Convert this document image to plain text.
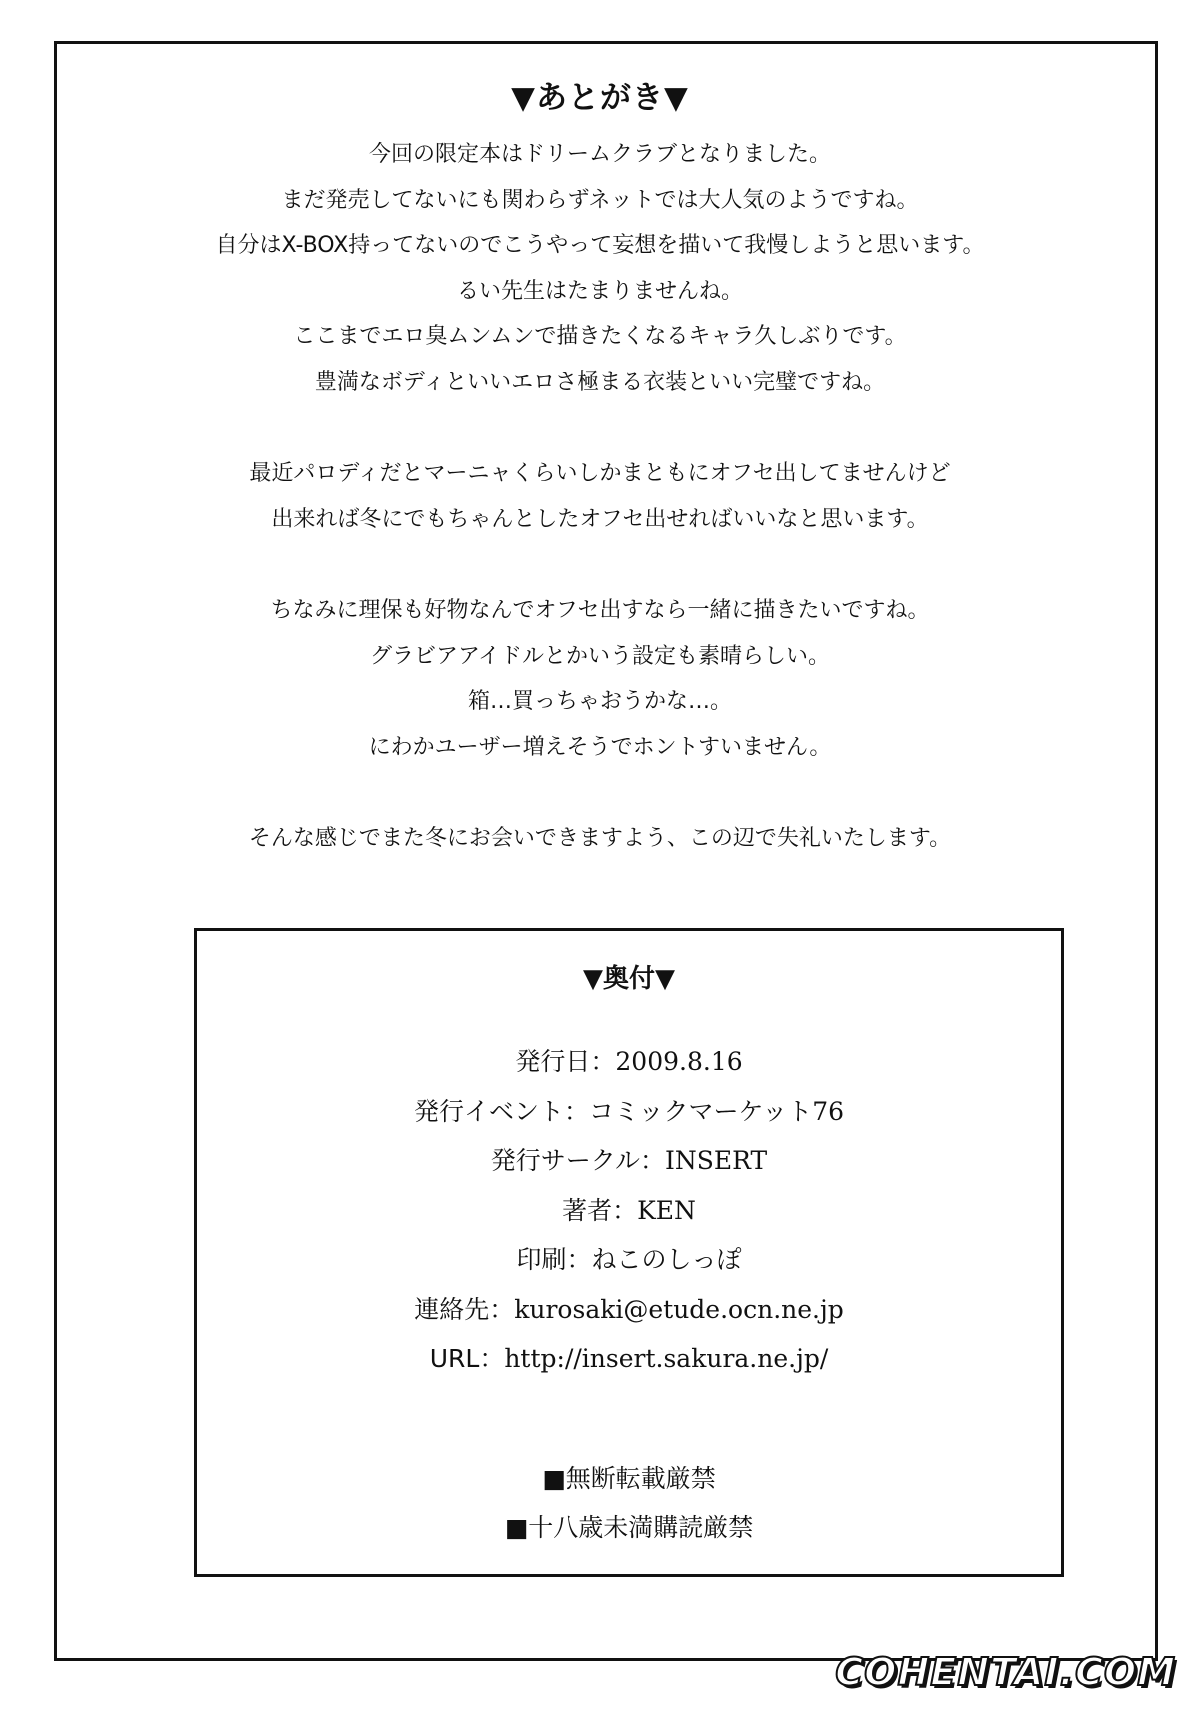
▼あとがき▼
今回の限定本はドリームクラブとなりました。
まだ発売してないにも関わらずネットでは大人気のようですね。
自分はX-BOX持ってないのでこうやって妄想を描いて我慢しようと思います。
るい先生はたまりませんね。
ここまでエロ臭ムンムンで描きたくなるキャラ久しぶりです。
豊満なボディといいエロさ極まる衣装といい完璧ですね。
最近パロディだとマーニャくらいしかまともにオフセ出してませんけど
出来れば冬にでもちゃんとしたオフセ出せればいいなと思います。
ちなみに理保も好物なんでオフセ出すなら一緒に描きたいですね。
グラビアアイドルとかいう設定も素晴らしい。
箱…買っちゃおうかな…。
にわかユーザー増えそうでホントすいません。
そんな感じでまた冬にお会いできますよう、この辺で失礼いたします。
▼奥付▼
発行日：2009.8.16
発行イベント：コミックマーケット76
発行サークル：INSERT
著者：KEN
印刷：ねこのしっぽ
連絡先：kurosaki@etude.ocn.ne.jp
URL：http://insert.sakura.ne.jp/
■無断転載厳禁
■十八歳未満購読厳禁
COHENTAI.COM
